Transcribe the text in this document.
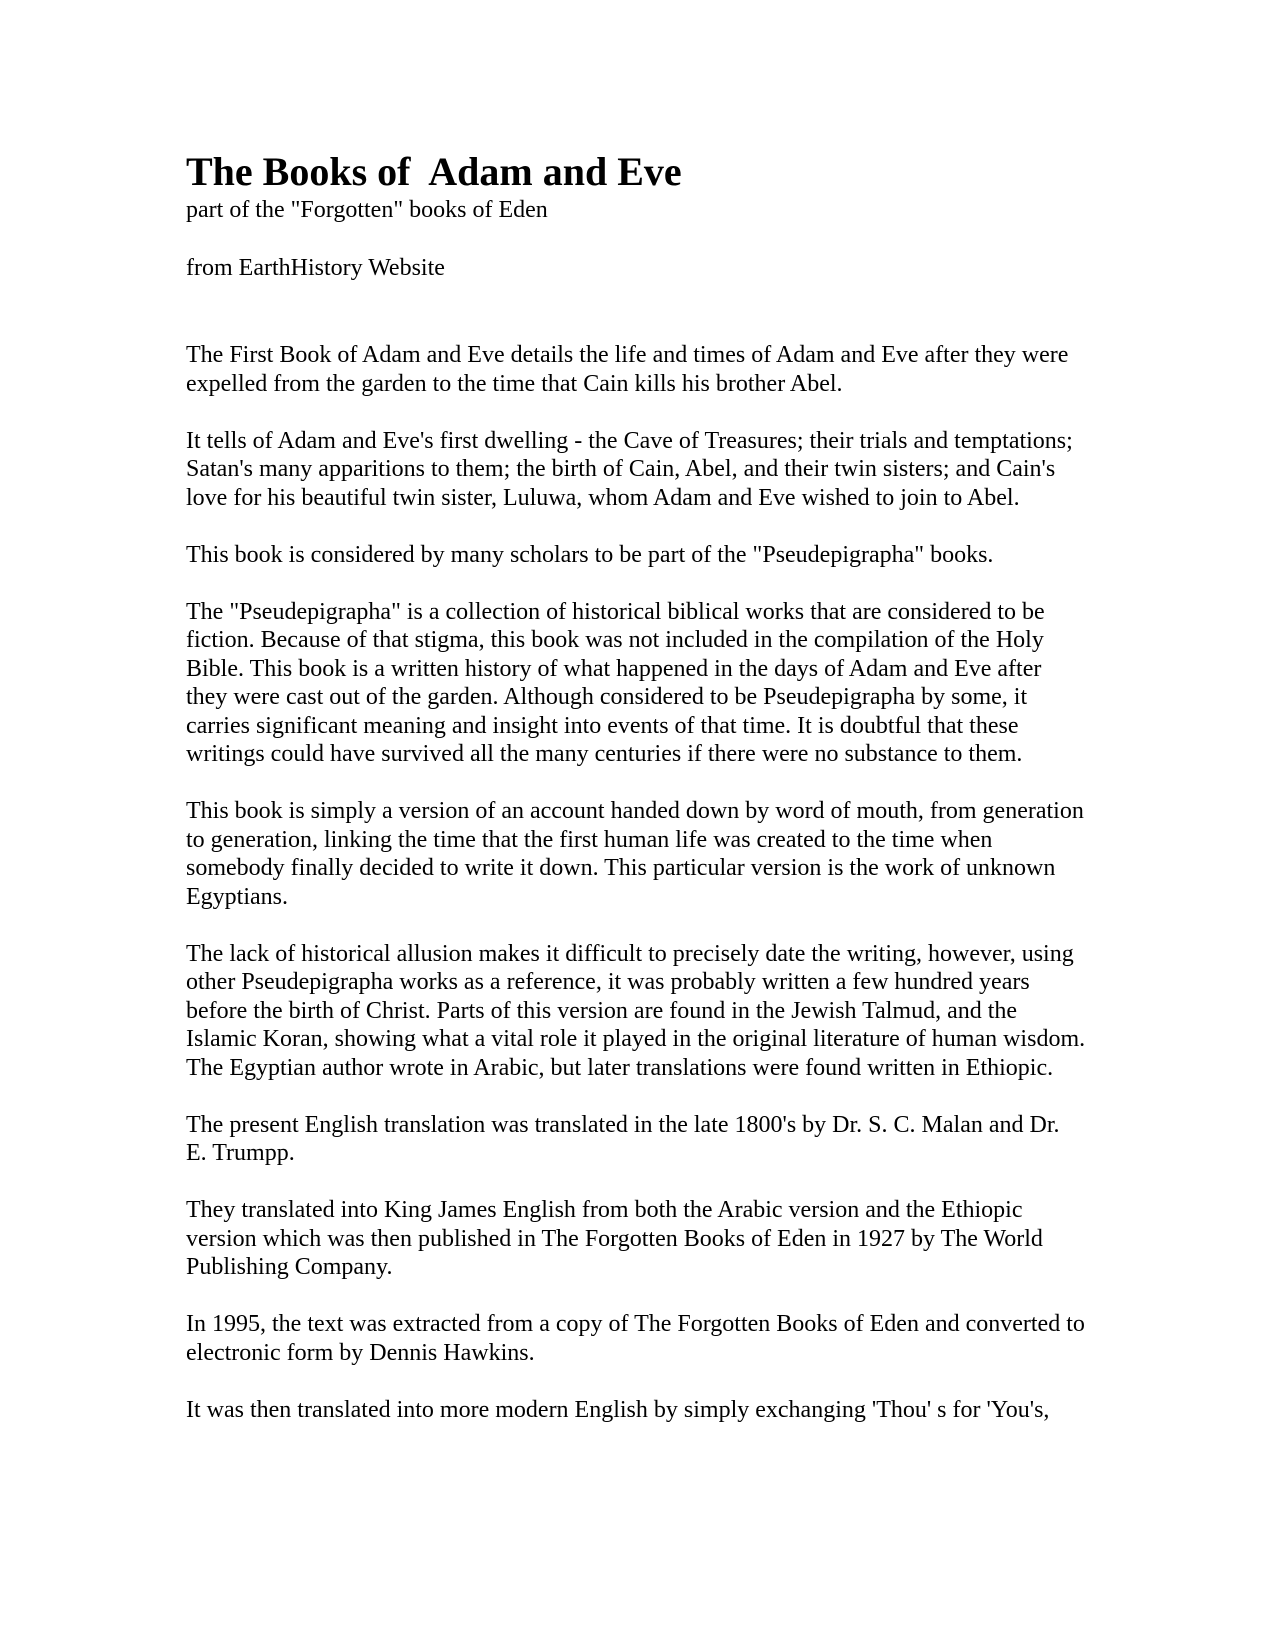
The Books of  Adam and Eve

part of the "Forgotten" books of Eden

from EarthHistory Website

The First Book of Adam and Eve details the life and times of Adam and Eve after they were expelled from the garden to the time that Cain kills his brother Abel.

It tells of Adam and Eve's first dwelling - the Cave of Treasures; their trials and temptations; Satan's many apparitions to them; the birth of Cain, Abel, and their twin sisters; and Cain's love for his beautiful twin sister, Luluwa, whom Adam and Eve wished to join to Abel.

This book is considered by many scholars to be part of the "Pseudepigrapha" books.

The "Pseudepigrapha" is a collection of historical biblical works that are considered to be fiction. Because of that stigma, this book was not included in the compilation of the Holy Bible. This book is a written history of what happened in the days of Adam and Eve after they were cast out of the garden. Although considered to be Pseudepigrapha by some, it carries significant meaning and insight into events of that time. It is doubtful that these writings could have survived all the many centuries if there were no substance to them.

This book is simply a version of an account handed down by word of mouth, from generation to generation, linking the time that the first human life was created to the time when somebody finally decided to write it down. This particular version is the work of unknown Egyptians.

The lack of historical allusion makes it difficult to precisely date the writing, however, using other Pseudepigrapha works as a reference, it was probably written a few hundred years before the birth of Christ. Parts of this version are found in the Jewish Talmud, and the Islamic Koran, showing what a vital role it played in the original literature of human wisdom. The Egyptian author wrote in Arabic, but later translations were found written in Ethiopic.

The present English translation was translated in the late 1800's by Dr. S. C. Malan and Dr. E. Trumpp.

They translated into King James English from both the Arabic version and the Ethiopic version which was then published in The Forgotten Books of Eden in 1927 by The World Publishing Company.

In 1995, the text was extracted from a copy of The Forgotten Books of Eden and converted to electronic form by Dennis Hawkins.

It was then translated into more modern English by simply exchanging 'Thou' s for 'You's,
